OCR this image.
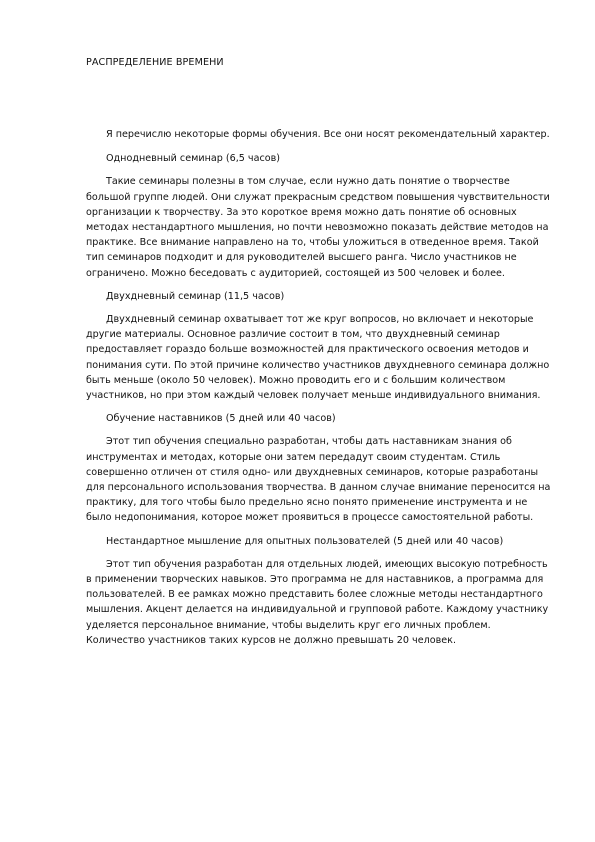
РАСПРЕДЕЛЕНИЕ ВРЕМЕНИ

Я перечислю некоторые формы обучения. Все они носят рекомендательный характер.

Однодневный семинар (6,5 часов)

Такие семинары полезны в том случае, если нужно дать понятие о творчестве большой группе людей. Они служат прекрасным средством повышения чувствительности организации к творчеству. За это короткое время можно дать понятие об основных методах нестандартного мышления, но почти невозможно показать действие методов на практике. Все внимание направлено на то, чтобы уложиться в отведенное время. Такой тип семинаров подходит и для руководителей высшего ранга. Число участников не ограничено. Можно беседовать с аудиторией, состоящей из 500 человек и более.

Двухдневный семинар (11,5 часов)

Двухдневный семинар охватывает тот же круг вопросов, но включает и некоторые другие материалы. Основное различие состоит в том, что двухдневный семинар предоставляет гораздо больше возможностей для практического освоения методов и понимания сути. По этой причине количество участников двухдневного семинара должно быть меньше (около 50 человек). Можно проводить его и с большим количеством участников, но при этом каждый человек получает меньше индивидуального внимания.

Обучение наставников (5 дней или 40 часов)

Этот тип обучения специально разработан, чтобы дать наставникам знания об инструментах и методах, которые они затем передадут своим студентам. Стиль совершенно отличен от стиля одно- или двухдневных семинаров, которые разработаны для персонального использования творчества. В данном случае внимание переносится на практику, для того чтобы было предельно ясно понято применение инструмента и не было недопонимания, которое может проявиться в процессе самостоятельной работы.

Нестандартное мышление для опытных пользователей (5 дней или 40 часов)

Этот тип обучения разработан для отдельных людей, имеющих высокую потребность в применении творческих навыков. Это программа не для наставников, а программа для пользователей. В ее рамках можно представить более сложные методы нестандартного мышления. Акцент делается на индивидуальной и групповой работе. Каждому участнику уделяется персональное внимание, чтобы выделить круг его личных проблем. Количество участников таких курсов не должно превышать 20 человек.
